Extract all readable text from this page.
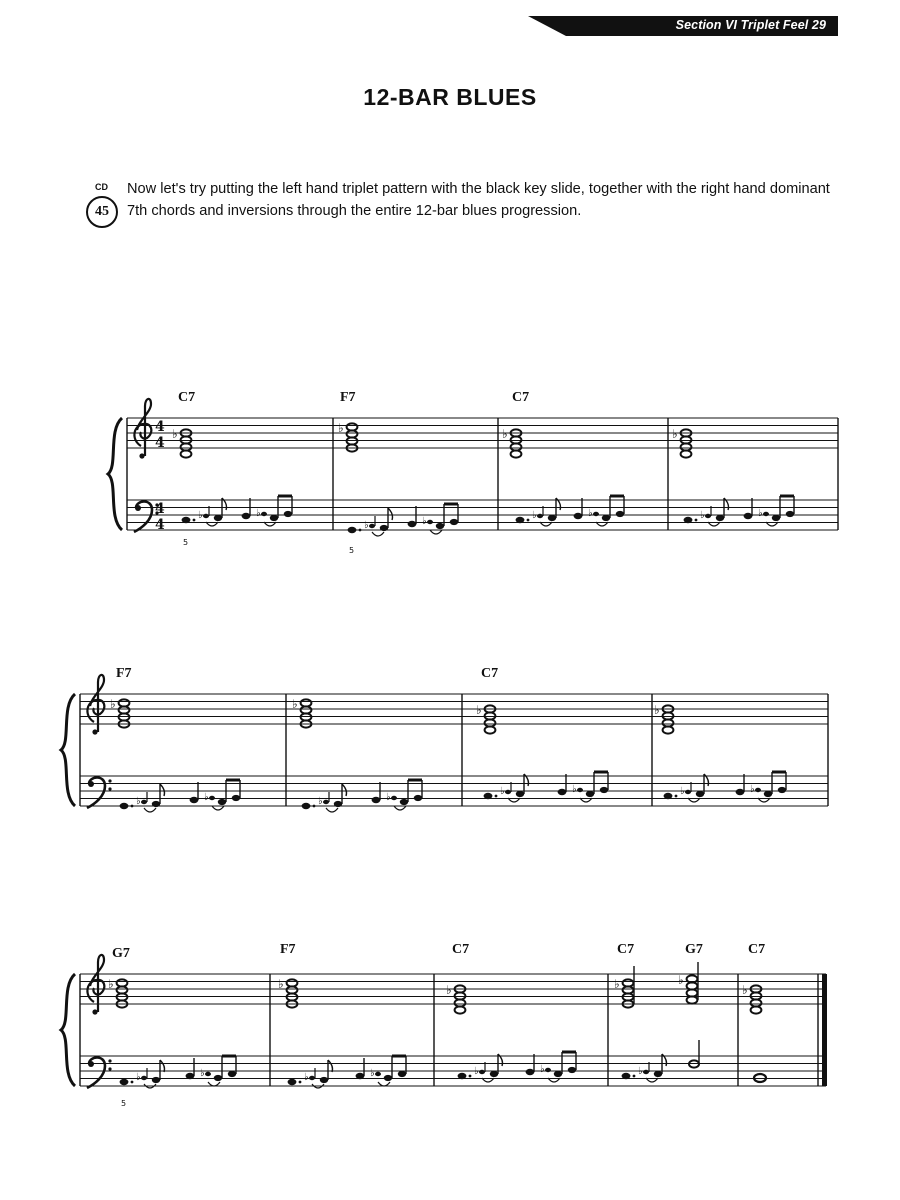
Section VI Triplet Feel 29
12-BAR BLUES
CD
45

Now let's try putting the left hand triplet pattern with the black key slide, together with the right hand dominant 7th chords and inversions through the entire 12-bar blues progression.

C7	F7	C7
F7	C7
G7	F7	C7	C7	G7	C7
4
4
4
4
5
5
5
